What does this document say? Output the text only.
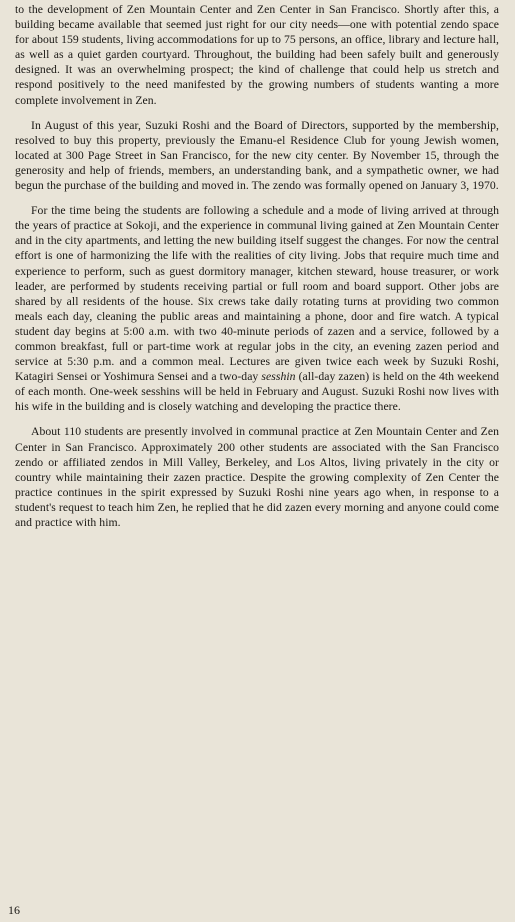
to the development of Zen Mountain Center and Zen Center in San Francisco. Shortly after this, a building became available that seemed just right for our city needs—one with potential zendo space for about 159 students, living accommodations for up to 75 persons, an office, library and lecture hall, as well as a quiet garden courtyard. Throughout, the building had been safely built and generously designed. It was an overwhelming prospect; the kind of challenge that could help us stretch and respond positively to the need manifested by the growing numbers of students wanting a more complete involvement in Zen.

In August of this year, Suzuki Roshi and the Board of Directors, supported by the membership, resolved to buy this property, previously the Emanu-el Residence Club for young Jewish women, located at 300 Page Street in San Francisco, for the new city center. By November 15, through the generosity and help of friends, members, an understanding bank, and a sympathetic owner, we had begun the purchase of the building and moved in. The zendo was formally opened on January 3, 1970.

For the time being the students are following a schedule and a mode of living arrived at through the years of practice at Sokoji, and the experience in communal living gained at Zen Mountain Center and in the city apartments, and letting the new building itself suggest the changes. For now the central effort is one of harmonizing the life with the realities of city living. Jobs that require much time and experience to perform, such as guest dormitory manager, kitchen steward, house treasurer, or work leader, are performed by students receiving partial or full room and board support. Other jobs are shared by all residents of the house. Six crews take daily rotating turns at providing two common meals each day, cleaning the public areas and maintaining a phone, door and fire watch. A typical student day begins at 5:00 a.m. with two 40-minute periods of zazen and a service, followed by a common breakfast, full or part-time work at regular jobs in the city, an evening zazen period and service at 5:30 p.m. and a common meal. Lectures are given twice each week by Suzuki Roshi, Katagiri Sensei or Yoshimura Sensei and a two-day sesshin (all-day zazen) is held on the 4th weekend of each month. One-week sesshins will be held in February and August. Suzuki Roshi now lives with his wife in the building and is closely watching and developing the practice there.

About 110 students are presently involved in communal practice at Zen Mountain Center and Zen Center in San Francisco. Approximately 200 other students are associated with the San Francisco zendo or affiliated zendos in Mill Valley, Berkeley, and Los Altos, living privately in the city or country while maintaining their zazen practice. Despite the growing complexity of Zen Center the practice continues in the spirit expressed by Suzuki Roshi nine years ago when, in response to a student's request to teach him Zen, he replied that he did zazen every morning and anyone could come and practice with him.

16
